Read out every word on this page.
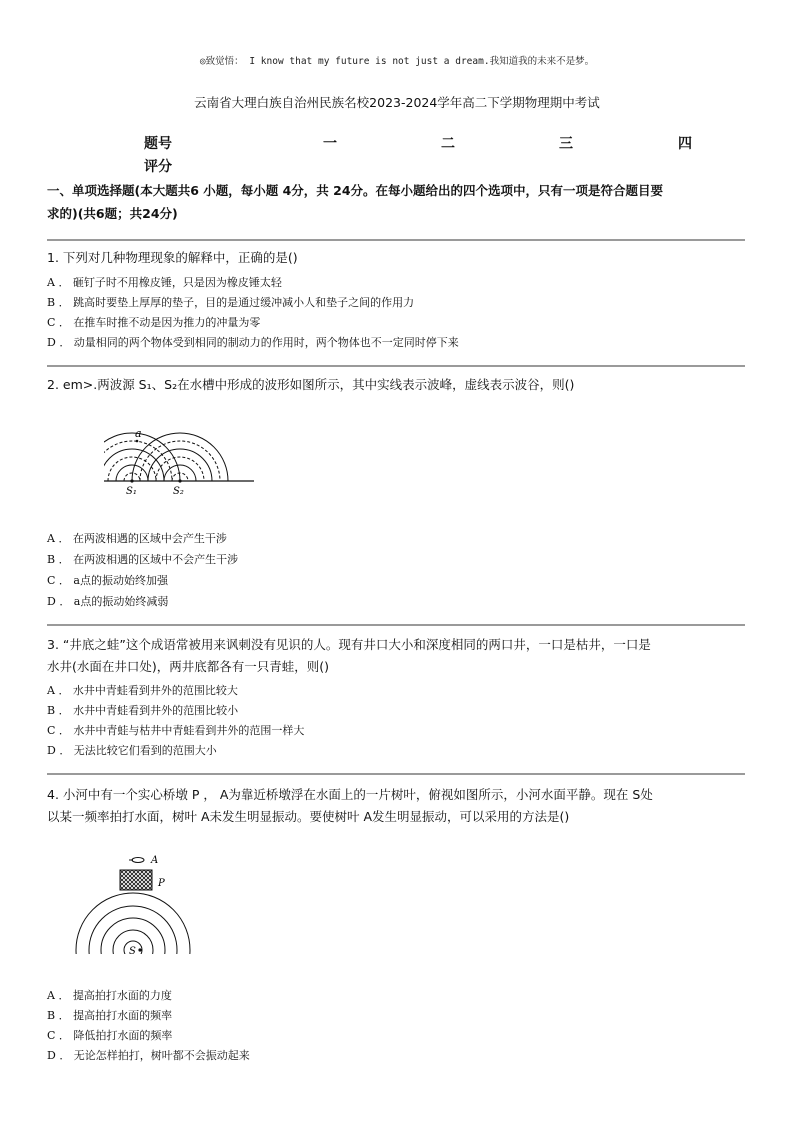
◎致觉悟： I know that my future is not just a dream.我知道我的未来不是梦。
云南省大理白族自治州民族名校2023-2024学年高二下学期物理期中考试
题号	一	二	三	四
评分
一、单项选择题(本大题共6 小题，每小题 4分，共 24分。在每小题给出的四个选项中，只有一项是符合题目要
求的)(共6题；共24分)
1. 下列对几种物理现象的解释中，正确的是()
A ． 砸钉子时不用橡皮锤，只是因为橡皮锤太轻
B ． 跳高时要垫上厚厚的垫子，目的是通过缓冲减小人和垫子之间的作用力
C ． 在推车时推不动是因为推力的冲量为零
D ． 动量相同的两个物体受到相同的制动力的作用时，两个物体也不一定同时停下来
2. em>.两波源 S₁、S₂在水槽中形成的波形如图所示，其中实线表示波峰，虚线表示波谷，则()
a
S₁	S₂
A ． 在两波相遇的区域中会产生干涉
B ． 在两波相遇的区域中不会产生干涉
C ． a点的振动始终加强
D ． a点的振动始终减弱
3. “井底之蛙”这个成语常被用来讽刺没有见识的人。现有井口大小和深度相同的两口井，一口是枯井，一口是
水井(水面在井口处)，两井底都各有一只青蛙，则()
A ． 水井中青蛙看到井外的范围比较大
B ． 水井中青蛙看到井外的范围比较小
C ． 水井中青蛙与枯井中青蛙看到井外的范围一样大
D ． 无法比较它们看到的范围大小
4. 小河中有一个实心桥墩 P ， A为靠近桥墩浮在水面上的一片树叶，俯视如图所示，小河水面平静。现在 S处
以某一频率拍打水面，树叶 A未发生明显振动。要使树叶 A发生明显振动，可以采用的方法是()
A
P
S
A ． 提高拍打水面的力度
B ． 提高拍打水面的频率
C ． 降低拍打水面的频率
D ． 无论怎样拍打，树叶都不会振动起来
